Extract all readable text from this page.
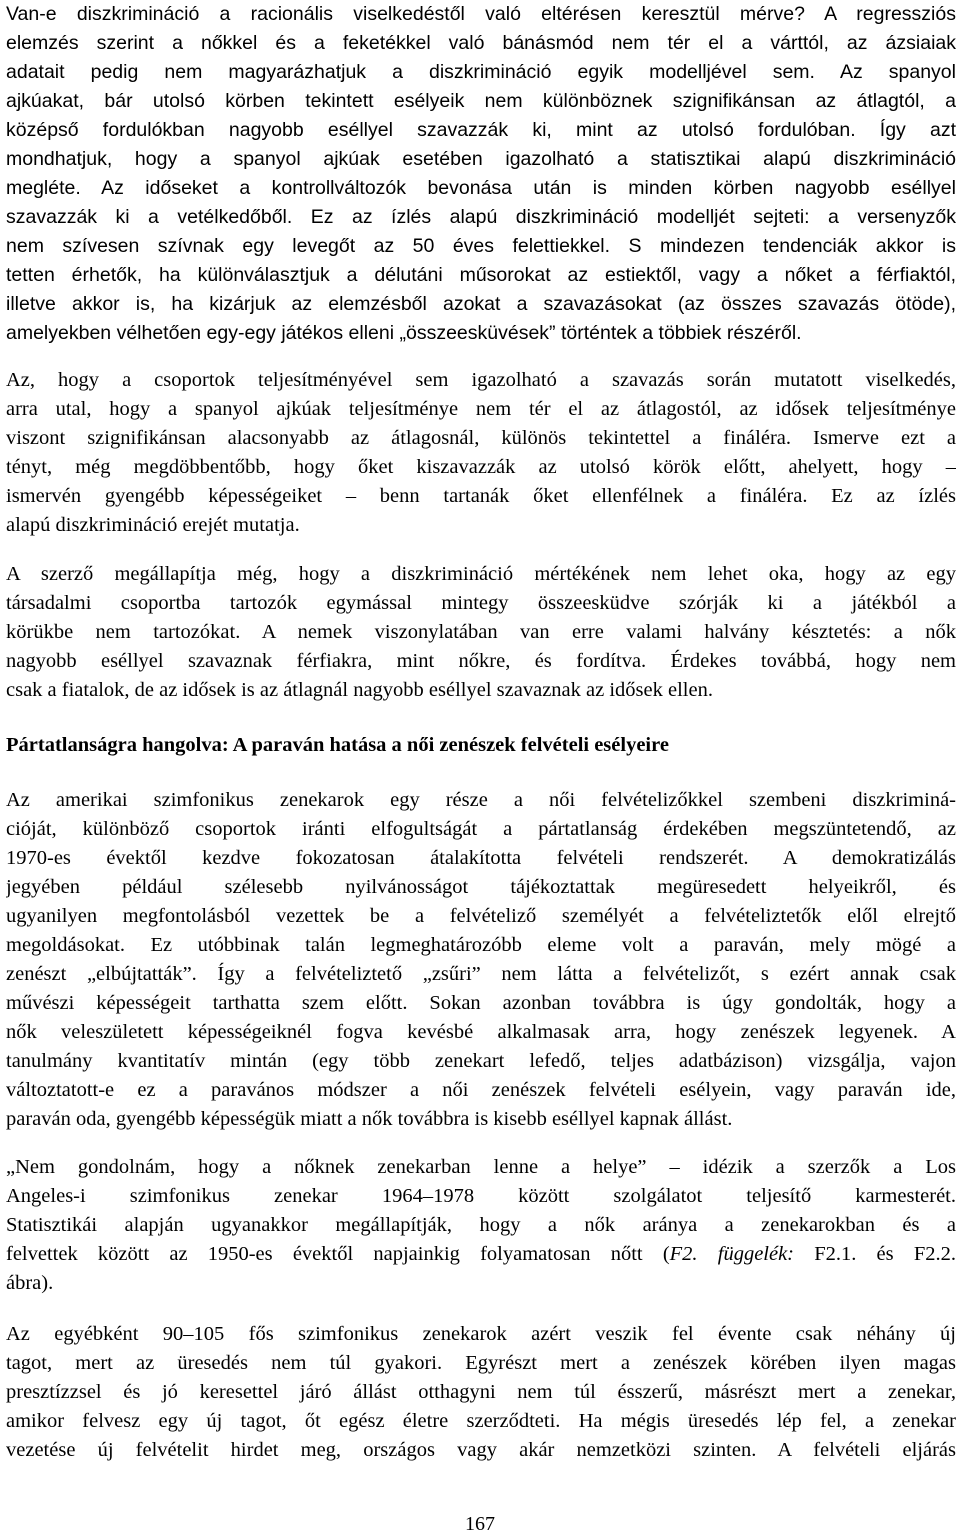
Van-e diszkrimináció a racionális viselkedéstől való eltérésen keresztül mérve? A regressziós
elemzés szerint a nőkkel és a feketékkel való bánásmód nem tér el a várttól, az ázsiaiak
adatait pedig nem magyarázhatjuk a diszkrimináció egyik modelljével sem. Az spanyol
ajkúakat, bár utolsó körben tekintett esélyeik nem különböznek szignifikánsan az átlagtól, a
középső fordulókban nagyobb eséllyel szavazzák ki, mint az utolsó fordulóban. Így azt
mondhatjuk, hogy a spanyol ajkúak esetében igazolható a statisztikai alapú diszkrimináció
megléte. Az időseket a kontrollváltozók bevonása után is minden körben nagyobb eséllyel
szavazzák ki a vetélkedőből. Ez az ízlés alapú diszkrimináció modelljét sejteti: a versenyzők
nem szívesen szívnak egy levegőt az 50 éves felettiekkel. S mindezen tendenciák akkor is
tetten érhetők, ha különválasztjuk a délutáni műsorokat az estiektől, vagy a nőket a férfiaktól,
illetve akkor is, ha kizárjuk az elemzésből azokat a szavazásokat (az összes szavazás ötöde),
amelyekben vélhetően egy-egy játékos elleni „összeesküvések” történtek a többiek részéről.
Az, hogy a csoportok teljesítményével sem igazolható a szavazás során mutatott viselkedés,
arra utal, hogy a spanyol ajkúak teljesítménye nem tér el az átlagostól, az idősek teljesítménye
viszont szignifikánsan alacsonyabb az átlagosnál, különös tekintettel a fináléra. Ismerve ezt a
tényt, még megdöbbentőbb, hogy őket kiszavazzák az utolsó körök előtt, ahelyett, hogy –
ismervén gyengébb képességeiket – benn tartanák őket ellenfélnek a fináléra. Ez az ízlés
alapú diszkrimináció erejét mutatja.
A szerző megállapítja még, hogy a diszkrimináció mértékének nem lehet oka, hogy az egy
társadalmi csoportba tartozók egymással mintegy összeesküdve szórják ki a játékból a
körükbe nem tartozókat. A nemek viszonylatában van erre valami halvány késztetés: a nők
nagyobb eséllyel szavaznak férfiakra, mint nőkre, és fordítva. Érdekes továbbá, hogy nem
csak a fiatalok, de az idősek is az átlagnál nagyobb eséllyel szavaznak az idősek ellen.
Pártatlanságra hangolva: A paraván hatása a női zenészek felvételi esélyeire
Az amerikai szimfonikus zenekarok egy része a női felvételizőkkel szembeni diszkriminá-
cióját, különböző csoportok iránti elfogultságát a pártatlanság érdekében megszüntetendő, az
1970-es évektől kezdve fokozatosan átalakította felvételi rendszerét. A demokratizálás
jegyében például szélesebb nyilvánosságot tájékoztattak megüresedett helyeikről, és
ugyanilyen megfontolásból vezettek be a felvételiző személyét a felvételiztetők elől elrejtő
megoldásokat. Ez utóbbinak talán legmeghatározóbb eleme volt a paraván, mely mögé a
zenészt „elbújtatták”. Így a felvételiztető „zsűri” nem látta a felvételizőt, s ezért annak csak
művészi képességeit tarthatta szem előtt. Sokan azonban továbbra is úgy gondolták, hogy a
nők veleszületett képességeiknél fogva kevésbé alkalmasak arra, hogy zenészek legyenek. A
tanulmány kvantitatív mintán (egy több zenekart lefedő, teljes adatbázison) vizsgálja, vajon
változtatott-e ez a paravános módszer a női zenészek felvételi esélyein, vagy paraván ide,
paraván oda, gyengébb képességük miatt a nők továbbra is kisebb eséllyel kapnak állást.
„Nem gondolnám, hogy a nőknek zenekarban lenne a helye” – idézik a szerzők a Los
Angeles-i szimfonikus zenekar 1964–1978 között szolgálatot teljesítő karmesterét.
Statisztikái alapján ugyanakkor megállapítják, hogy a nők aránya a zenekarokban és a
felvettek között az 1950-es évektől napjainkig folyamatosan nőtt (F2. függelék: F2.1. és F2.2.
ábra).
Az egyébként 90–105 fős szimfonikus zenekarok azért veszik fel évente csak néhány új
tagot, mert az üresedés nem túl gyakori. Egyrészt mert a zenészek körében ilyen magas
presztízzsel és jó keresettel járó állást otthagyni nem túl ésszerű, másrészt mert a zenekar,
amikor felvesz egy új tagot, őt egész életre szerződteti. Ha mégis üresedés lép fel, a zenekar
vezetése új felvételit hirdet meg, országos vagy akár nemzetközi szinten. A felvételi eljárás
167
